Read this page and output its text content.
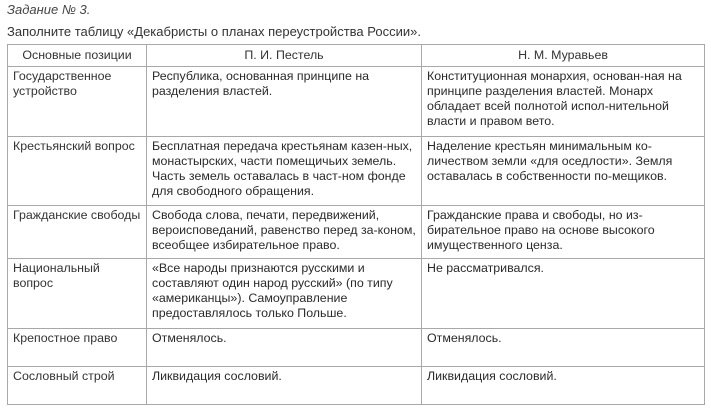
Задание № 3.
Заполните таблицу «Декабристы о планах переустройства России».
Основные позиции	П. И. Пестель	Н. М. Муравьев
Государственное устройство	Республика, основанная принципе на разделения властей.	Конституционная монархия, основан-ная на принципе разделения властей. Монарх обладает всей полнотой испол-нительной власти и правом вето.
Крестьянский вопрос	Бесплатная передача крестьянам казен-ных, монастырских, части помещичьих земель. Часть земель оставалась в част-ном фонде для свободного обращения.	Наделение крестьян минимальным ко-личеством земли «для оседлости». Земля оставалась в собственности по-мещиков.
Гражданские свободы	Свобода слова, печати, передвижений, вероисповеданий, равенство перед за-коном, всеобщее избирательное право.	Гражданские права и свободы, но из-бирательное право на основе высокого имущественного ценза.
Национальный вопрос	«Все народы признаются русскими и составляют один народ русский» (по типу «американцы»). Самоуправление предоставлялось только Польше.	Не рассматривался.
Крепостное право	Отменялось.	Отменялось.
Сословный строй	Ликвидация сословий.	Ликвидация сословий.
